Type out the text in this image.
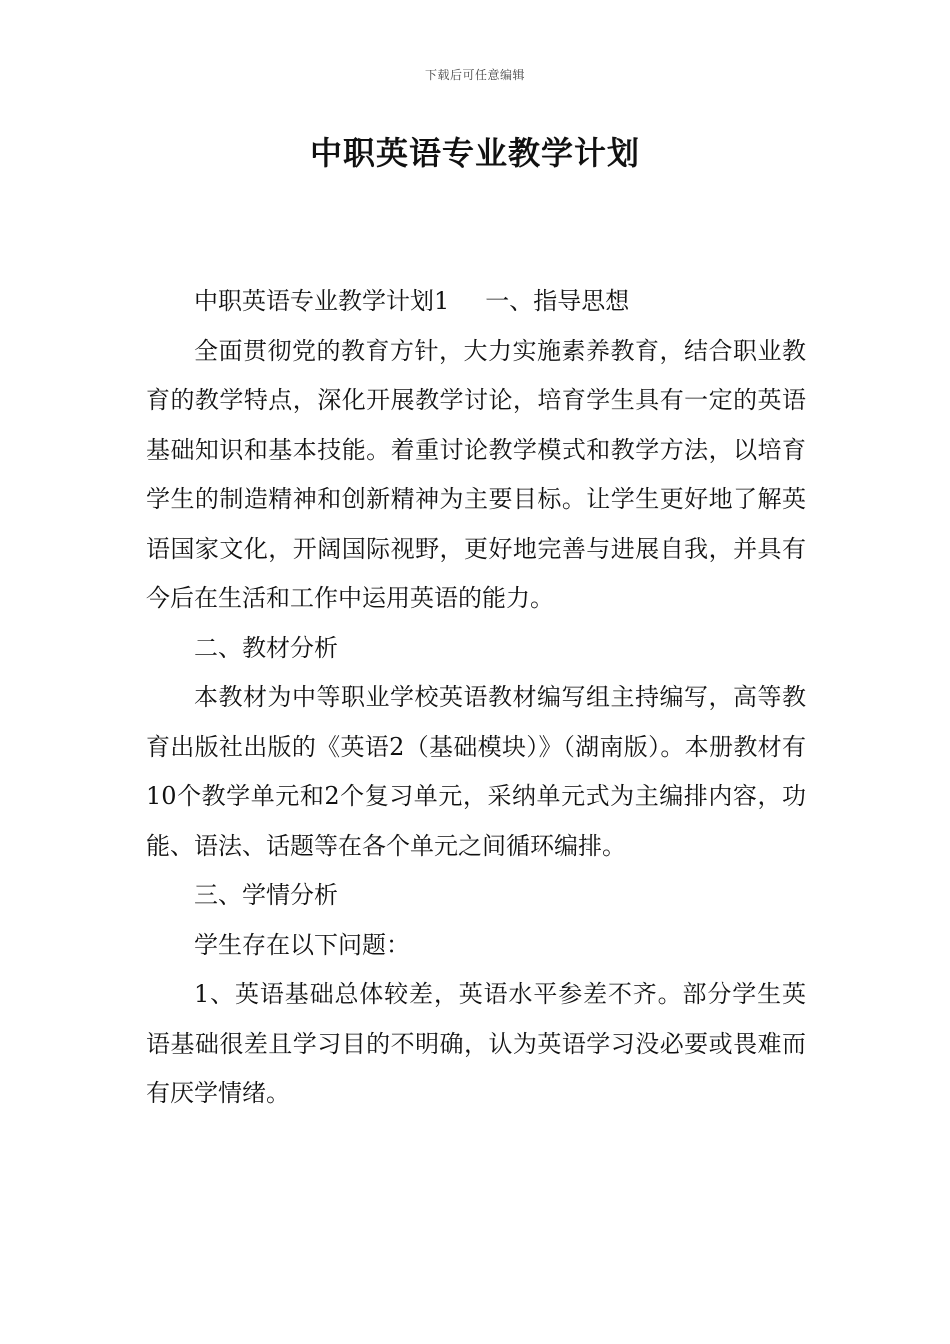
下载后可任意编辑
中职英语专业教学计划

中职英语专业教学计划1 一、指导思想

全面贯彻党的教育方针，大力实施素养教育，结合职业教育的教学特点，深化开展教学讨论，培育学生具有一定的英语基础知识和基本技能。着重讨论教学模式和教学方法，以培育学生的制造精神和创新精神为主要目标。让学生更好地了解英语国家文化，开阔国际视野，更好地完善与进展自我，并具有今后在生活和工作中运用英语的能力。

二、教材分析

本教材为中等职业学校英语教材编写组主持编写，高等教育出版社出版的《英语2（基础模块）》（湖南版）。本册教材有10个教学单元和2个复习单元，采纳单元式为主编排内容，功能、语法、话题等在各个单元之间循环编排。

三、学情分析

学生存在以下问题：

1、英语基础总体较差，英语水平参差不齐。部分学生英语基础很差且学习目的不明确，认为英语学习没必要或畏难而有厌学情绪。
